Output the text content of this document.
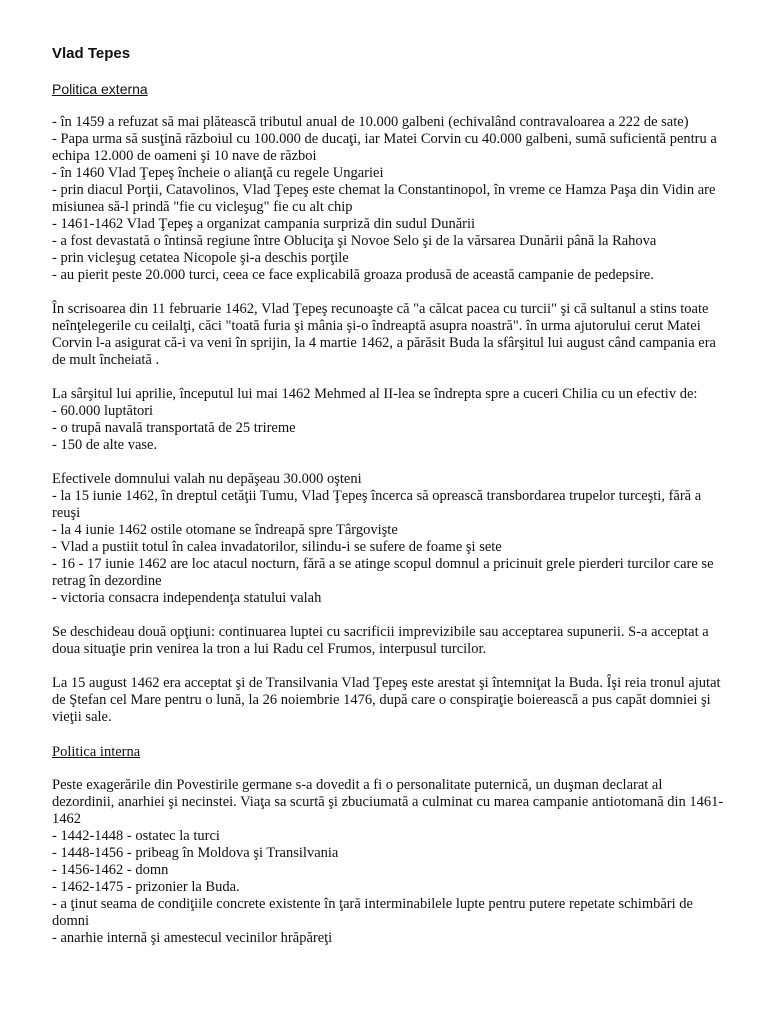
Vlad Tepes
Politica externa
- în 1459 a refuzat să mai plătească tributul anual de 10.000 galbeni (echivalând contravaloarea a 222 de sate)
- Papa urma să susţină războiul cu 100.000 de ducaţi, iar Matei Corvin cu 40.000 galbeni, sumă suficientă pentru a echipa 12.000 de oameni şi 10 nave de război
- în 1460 Vlad Ţepeş încheie o alianţă cu regele Ungariei
- prin diacul Porţii, Catavolinos, Vlad Ţepeş este chemat la Constantinopol, în vreme ce Hamza Paşa din Vidin are misiunea să-l prindă "fie cu vicleşug" fie cu alt chip
- 1461-1462 Vlad Ţepeş a organizat campania surpriză din sudul Dunării
- a fost devastată o întinsă regiune între Obluciţa şi Novoe Selo şi de la vărsarea Dunării până la Rahova
- prin vicleşug cetatea Nicopole şi-a deschis porţile
- au pierit peste 20.000 turci, ceea ce face explicabilă groaza produsă de această campanie de pedepsire.
În scrisoarea din 11 februarie 1462, Vlad Ţepeş recunoaşte că "a călcat pacea cu turcii" şi că sultanul a stins toate neînţelegerile cu ceilalţi, căci "toată furia şi mânia şi-o îndreaptă asupra noastră". în urma ajutorului cerut Matei Corvin l-a asigurat că-i va veni în sprijin, la 4 martie 1462, a părăsit Buda la sfârşitul lui august când campania era de mult încheiată .
La sârşitul lui aprilie, începutul lui mai 1462 Mehmed al II-lea se îndrepta spre a cuceri Chilia cu un efectiv de:
- 60.000 luptători
- o trupă navală transportată de 25 trireme
- 150 de alte vase.
Efectivele domnului valah nu depăşeau 30.000 oşteni
- la 15 iunie 1462, în dreptul cetăţii Tumu, Vlad Ţepeş încerca să oprească transbordarea trupelor turceşti, fără a reuşi
- la 4 iunie 1462 ostile otomane se îndreapă spre Târgovişte
- Vlad a pustiit totul în calea invadatorilor, silindu-i se sufere de foame şi sete
- 16 - 17 iunie 1462 are loc atacul nocturn, fără a se atinge scopul domnul a pricinuit grele pierderi turcilor care se retrag în dezordine
- victoria consacra independenţa statului valah
Se deschideau două opţiuni: continuarea luptei cu sacrificii imprevizibile sau acceptarea supunerii. S-a acceptat a doua situaţie prin venirea la tron a lui Radu cel Frumos, interpusul turcilor.
La 15 august 1462 era acceptat şi de Transilvania Vlad Ţepeş este arestat şi întemniţat la Buda. Îşi reia tronul ajutat de Ştefan cel Mare pentru o lună, la 26 noiembrie 1476, după care o conspiraţie boierească a pus capăt domniei şi vieţii sale.
Politica interna
Peste exagerările din Povestirile germane s-a dovedit a fi o personalitate puternică, un duşman declarat al dezordinii, anarhiei şi necinstei. Viaţa sa scurtă şi zbuciumată a culminat cu marea campanie antiotomană din 1461-1462
- 1442-1448 - ostatec la turci
- 1448-1456 - pribeag în Moldova şi Transilvania
- 1456-1462 - domn
- 1462-1475 - prizonier la Buda.
- a ţinut seama de condiţiile concrete existente în ţară interminabilele lupte pentru putere repetate schimbări de domni
- anarhie internă şi amestecul vecinilor hrăpăreţi
